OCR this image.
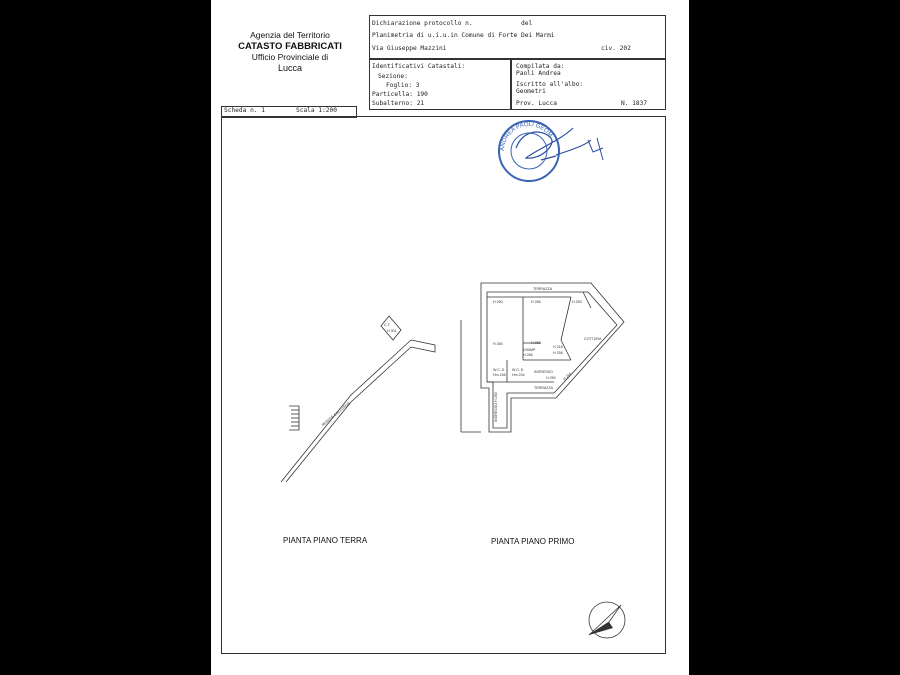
Agenzia del Territorio
CATASTO FABBRICATI
Ufficio Provinciale di
Lucca
Dichiarazione protocollo n.	del
Planimetria di u.i.u.in Comune di Forte Dei Marmi
Via Giuseppe Mazzini	civ. 202
Identificativi Catastali:
Sezione:
Foglio: 3
Particella: 190
Subalterno: 21
Compilata da:
Paoli Andrea
Iscritto all'albo:
Geometri
Prov. Lucca	N. 1837
Scheda n. 1	Scala 1:200
ANDREA PAOLI GEOM.
C.T.
H 301
RESEDE ESCLUSIVA
TERRAZZA
H 260	H 266	H 263
H 260	H 262
DISIMP
H 266
H 218
H 258
COTTURA
W.C. D
Hm 246
W.C. D
Hm 244
INGRESSO
H 250 H 244
TERRAZZA
H 250
INGRESSO
PIANTA PIANO TERRA	PIANTA PIANO PRIMO
